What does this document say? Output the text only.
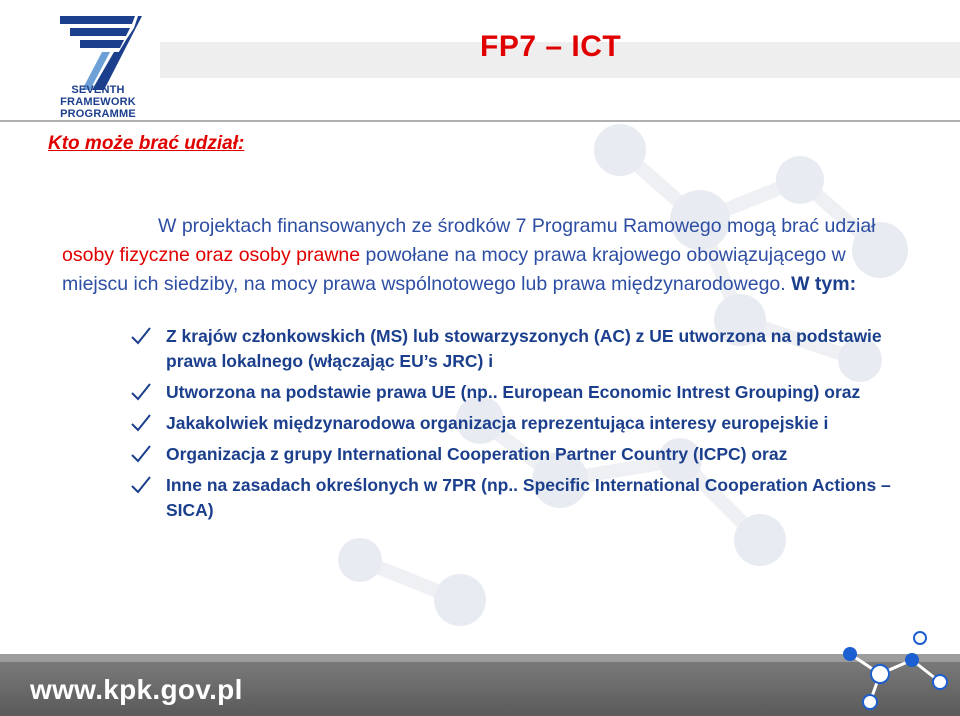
SEVENTH FRAMEWORK
PROGRAMME
FP7 – ICT
Kto może brać udział:
W projektach finansowanych ze środków 7 Programu Ramowego mogą brać udział osoby fizyczne oraz osoby prawne powołane na mocy prawa krajowego obowiązującego w miejscu ich siedziby, na mocy prawa wspólnotowego lub prawa międzynarodowego. W tym:
Z krajów członkowskich (MS) lub stowarzyszonych (AC) z UE utworzona na podstawie prawa lokalnego (włączając EU’s JRC) i
Utworzona na podstawie prawa UE (np.. European Economic Intrest Grouping) oraz
Jakakolwiek międzynarodowa organizacja reprezentująca interesy europejskie i
Organizacja z grupy International Cooperation Partner Country (ICPC) oraz
Inne na zasadach określonych w 7PR (np.. Specific International Cooperation Actions – SICA)
www.kpk.gov.pl
